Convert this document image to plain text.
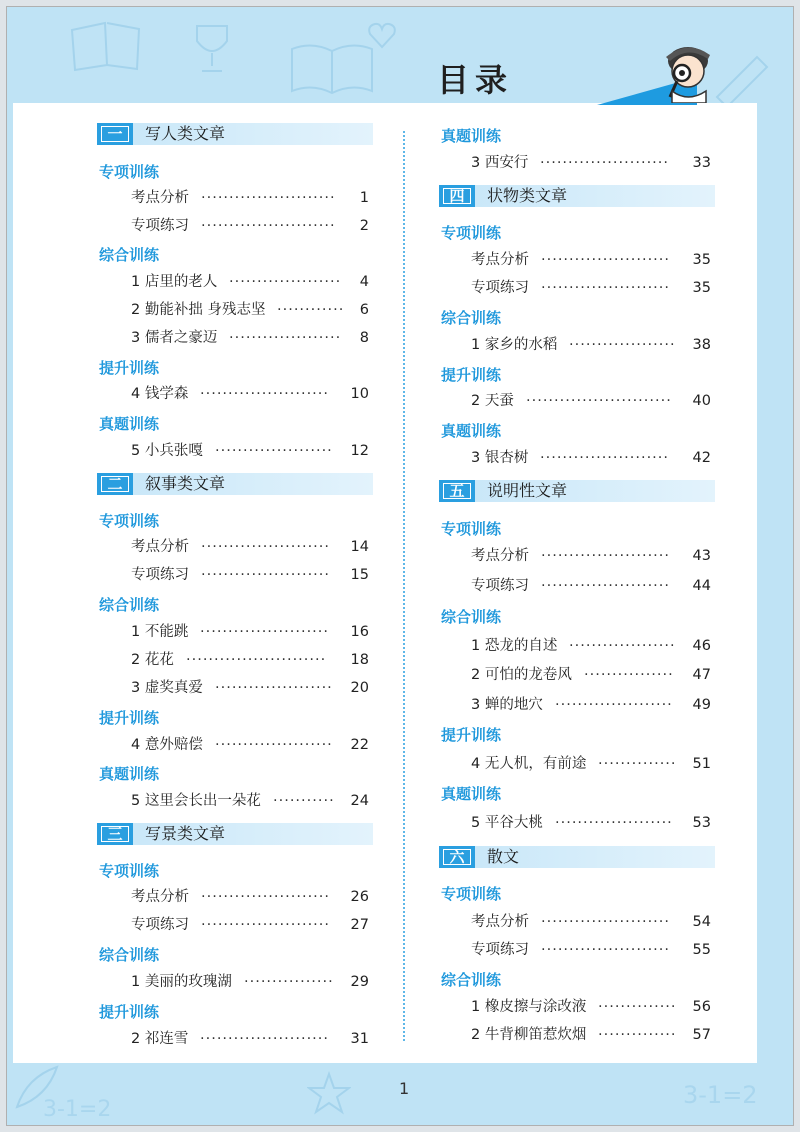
3-1=2
3-1=2
目录
一	写人类文章
专项训练
考点分析 ························	1
专项练习 ························	2
综合训练
1 店里的老人 ····················	4
2 勤能补拙 身残志坚 ············	6
3 儒者之豪迈 ····················	8
提升训练
4 钱学森 ·······················	10
真题训练
5 小兵张嘎 ·····················	12
二	叙事类文章
专项训练
考点分析 ·······················	14
专项练习 ·······················	15
综合训练
1 不能跳 ·······················	16
2 花花 ·························	18
3 虚奖真爱 ·····················	20
提升训练
4 意外赔偿 ·····················	22
真题训练
5 这里会长出一朵花 ···········	24
三	写景类文章
专项训练
考点分析 ·······················	26
专项练习 ·······················	27
综合训练
1 美丽的玫瑰湖 ················	29
提升训练
2 祁连雪 ·······················	31
真题训练
3 西安行 ·······················	33
四	状物类文章
专项训练
考点分析 ·······················	35
专项练习 ·······················	35
综合训练
1 家乡的水稻 ···················	38
提升训练
2 天蚕 ··························	40
真题训练
3 银杏树 ·······················	42
五	说明性文章
专项训练
考点分析 ·······················	43
专项练习 ·······················	44
综合训练
1 恐龙的自述 ···················	46
2 可怕的龙卷风 ················	47
3 蝉的地穴 ·····················	49
提升训练
4 无人机，有前途 ··············	51
真题训练
5 平谷大桃 ·····················	53
六	散文
专项训练
考点分析 ·······················	54
专项练习 ·······················	55
综合训练
1 橡皮擦与涂改液 ··············	56
2 牛背柳笛惹炊烟 ··············	57
1
